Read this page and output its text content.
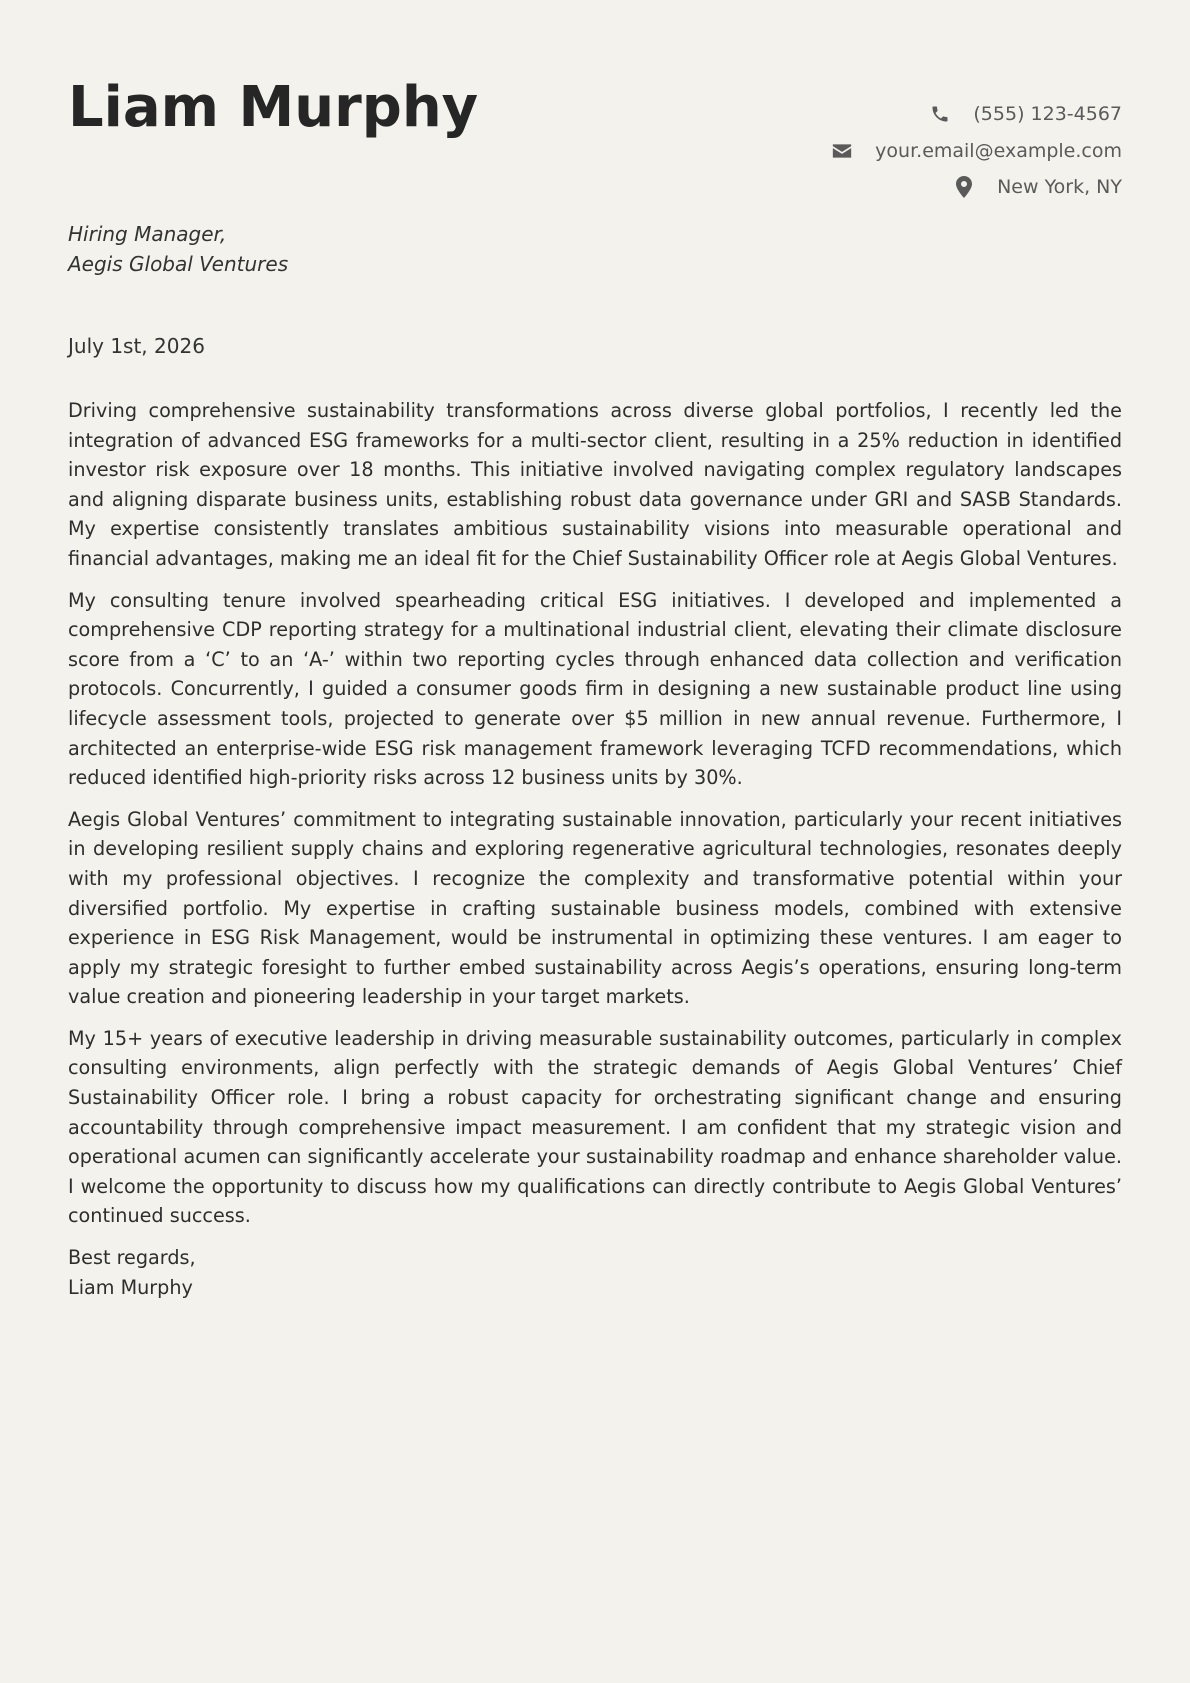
Liam Murphy	(555) 123-4567
your.email@example.com
New York, NY
Hiring Manager,
Aegis Global Ventures
July 1st, 2026

Driving comprehensive sustainability transformations across diverse global portfolios, I recently led the integration of advanced ESG frameworks for a multi-sector client, resulting in a 25% reduction in identified investor risk exposure over 18 months. This initiative involved navigating complex regulatory landscapes and aligning disparate business units, establishing robust data governance under GRI and SASB Standards. My expertise consistently translates ambitious sustainability visions into measurable operational and financial advantages, making me an ideal fit for the Chief Sustainability Officer role at Aegis Global Ventures.

My consulting tenure involved spearheading critical ESG initiatives. I developed and implemented a comprehensive CDP reporting strategy for a multinational industrial client, elevating their climate disclosure score from a ‘C’ to an ‘A-’ within two reporting cycles through enhanced data collection and verification protocols. Concurrently, I guided a consumer goods firm in designing a new sustainable product line using lifecycle assessment tools, projected to generate over $5 million in new annual revenue. Furthermore, I architected an enterprise-wide ESG risk management framework leveraging TCFD recommendations, which reduced identified high-priority risks across 12 business units by 30%.

Aegis Global Ventures’ commitment to integrating sustainable innovation, particularly your recent initiatives in developing resilient supply chains and exploring regenerative agricultural technologies, resonates deeply with my professional objectives. I recognize the complexity and transformative potential within your diversified portfolio. My expertise in crafting sustainable business models, combined with extensive experience in ESG Risk Management, would be instrumental in optimizing these ventures. I am eager to apply my strategic foresight to further embed sustainability across Aegis’s operations, ensuring long-term value creation and pioneering leadership in your target markets.

My 15+ years of executive leadership in driving measurable sustainability outcomes, particularly in complex consulting environments, align perfectly with the strategic demands of Aegis Global Ventures’ Chief Sustainability Officer role. I bring a robust capacity for orchestrating significant change and ensuring accountability through comprehensive impact measurement. I am confident that my strategic vision and operational acumen can significantly accelerate your sustainability roadmap and enhance shareholder value. I welcome the opportunity to discuss how my qualifications can directly contribute to Aegis Global Ventures’ continued success.

Best regards,
Liam Murphy
